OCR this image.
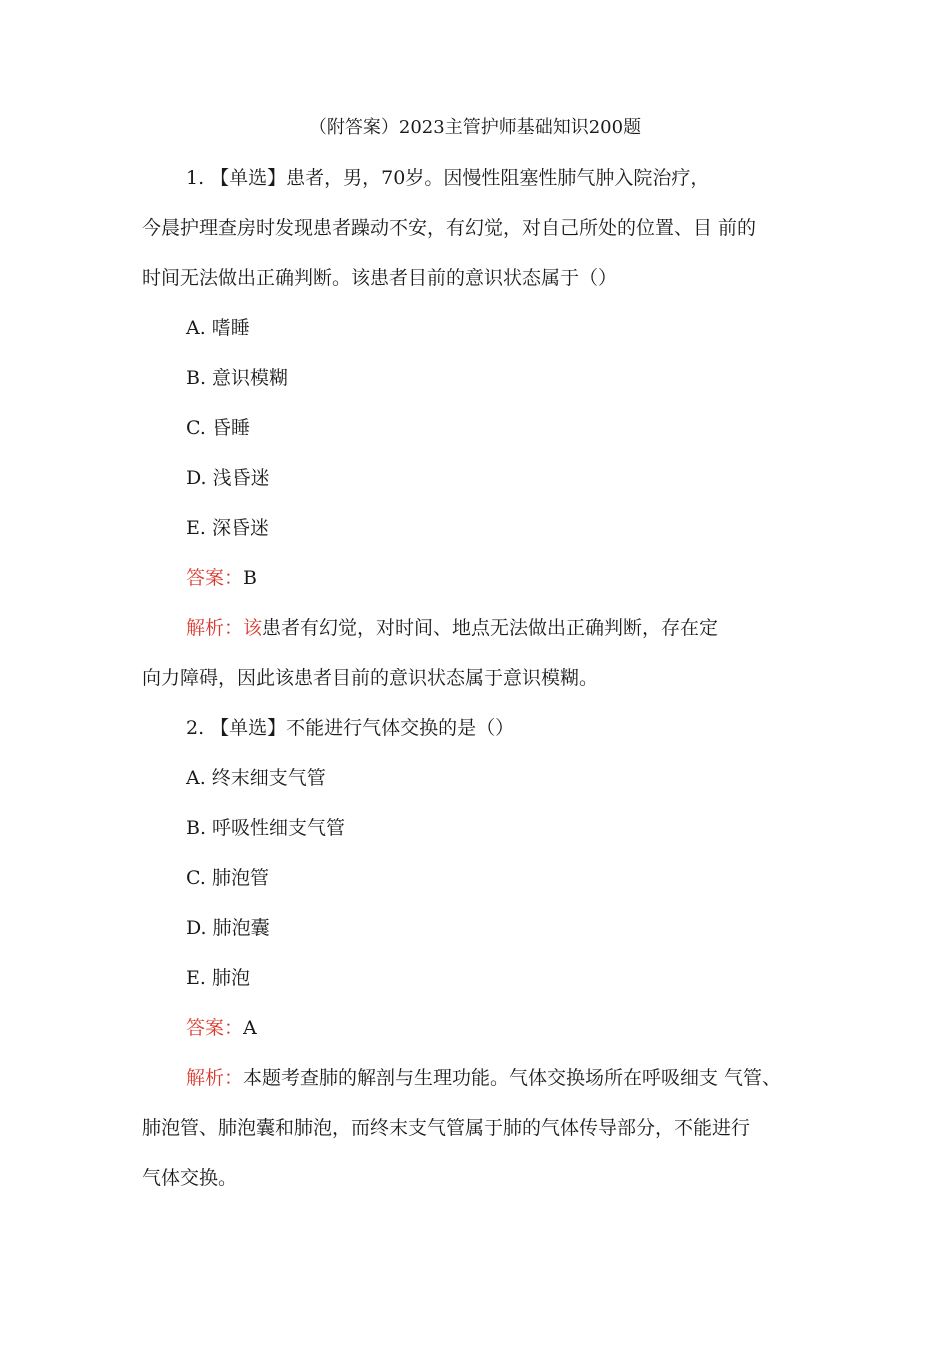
（附答案）2023主管护师基础知识200题
1. 【单选】患者，男，70岁。因慢性阻塞性肺气肿入院治疗，
今晨护理查房时发现患者躁动不安，有幻觉，对自己所处的位置、目 前的
时间无法做出正确判断。该患者目前的意识状态属于（）
A. 嗜睡
B. 意识模糊
C. 昏睡
D. 浅昏迷
E. 深昏迷
答案：B
解析：该患者有幻觉，对时间、地点无法做出正确判断，存在定
向力障碍，因此该患者目前的意识状态属于意识模糊。
2. 【单选】不能进行气体交换的是（）
A. 终末细支气管
B. 呼吸性细支气管
C. 肺泡管
D. 肺泡囊
E. 肺泡
答案：A
解析：本题考查肺的解剖与生理功能。气体交换场所在呼吸细支 气管、
肺泡管、肺泡囊和肺泡，而终末支气管属于肺的气体传导部分，不能进行
气体交换。
